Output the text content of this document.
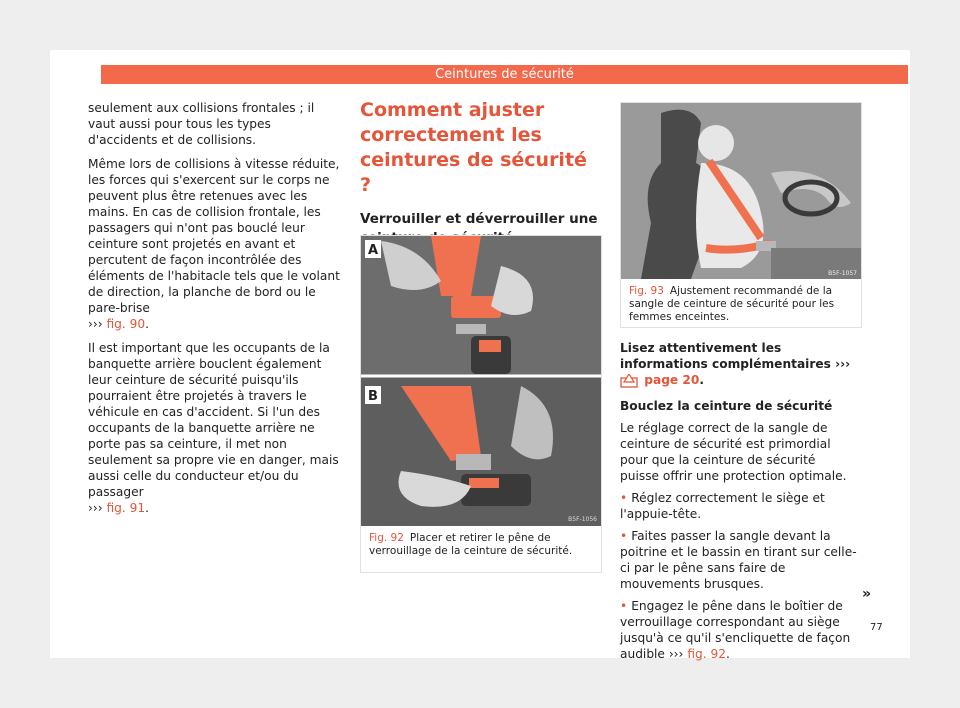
Ceintures de sécurité

seulement aux collisions frontales ; il vaut aussi pour tous les types d'accidents et de collisions.

Même lors de collisions à vitesse réduite, les forces qui s'exercent sur le corps ne peuvent plus être retenues avec les mains. En cas de collision frontale, les passagers qui n'ont pas bouclé leur ceinture sont projetés en avant et percutent de façon incontrôlée des éléments de l'habitacle tels que le volant de direction, la planche de bord ou le pare-brise
››› fig. 90.

Il est important que les occupants de la banquette arrière bouclent également leur ceinture de sécurité puisqu'ils pourraient être projetés à travers le véhicule en cas d'accident. Si l'un des occupants de la banquette arrière ne porte pas sa ceinture, il met non seulement sa propre vie en danger, mais aussi celle du conducteur et/ou du passager
››› fig. 91.

Comment ajuster correctement les ceintures de sécurité ?
Verrouiller et déverrouiller une
A
B
B5F-1056
Fig. 92 Placer et retirer le pêne de verrouillage de la ceinture de sécurité.
B5F-1057
Fig. 93 Ajustement recommandé de la sangle de ceinture de sécurité pour les femmes enceintes.

Lisez attentivement les informations complémentaires ›››  page 20.

Bouclez la ceinture de sécurité

Le réglage correct de la sangle de ceinture de sécurité est primordial pour que la ceinture de sécurité puisse offrir une protection optimale.

• Réglez correctement le siège et l'appuie-tête.

• Faites passer la sangle devant la poitrine et le bassin en tirant sur celle-ci par le pêne sans faire de mouvements brusques.

• Engagez le pêne dans le boîtier de verrouillage correspondant au siège jusqu'à ce qu'il s'encliquette de façon audible ››› fig. 92.

»
77
